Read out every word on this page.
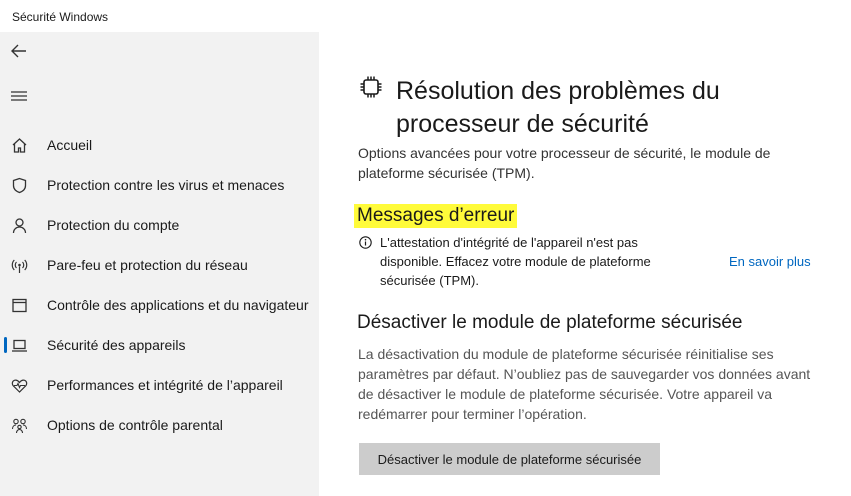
Sécurité Windows
Accueil
Protection contre les virus et menaces
Protection du compte
Pare-feu et protection du réseau
Contrôle des applications et du navigateur
Sécurité des appareils
Performances et intégrité de l’appareil
Options de contrôle parental
Résolution des problèmes du processeur de sécurité

Options avancées pour votre processeur de sécurité, le module de plateforme sécurisée (TPM).

Messages d’erreur

L'attestation d'intégrité de l'appareil n'est pas disponible. Effacez votre module de plateforme sécurisée (TPM).

En savoir plus
Désactiver le module de plateforme sécurisée

La désactivation du module de plateforme sécurisée réinitialise ses paramètres par défaut. N’oubliez pas de sauvegarder vos données avant de désactiver le module de plateforme sécurisée. Votre appareil va redémarrer pour terminer l’opération.

Désactiver le module de plateforme sécurisée
